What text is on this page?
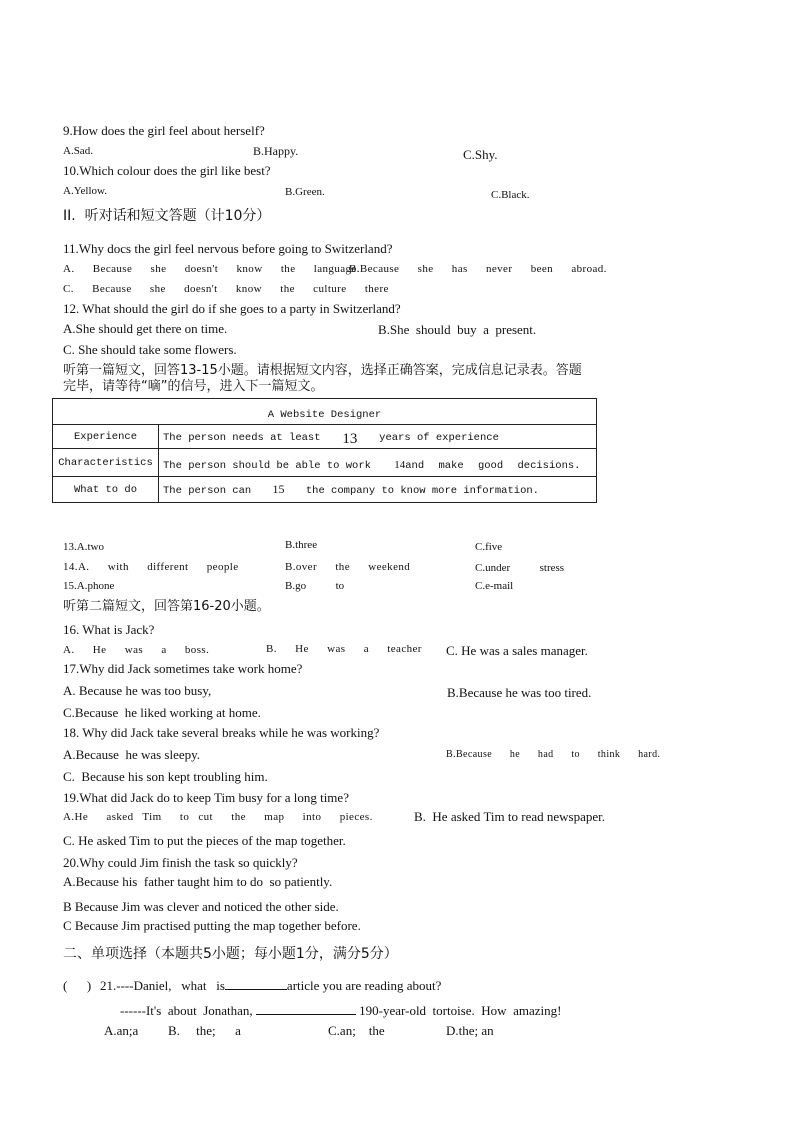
9.How does the girl feel about herself?
A.Sad.	B.Happy.	C.Shy.
10.Which colour does the girl like best?
A.Yellow.	B.Green.	C.Black.
II.  听对话和短文答题（计10分）
11.Why docs the girl feel nervous before going to Switzerland?
A.  Because  she  doesn't  know  the  language.
B.Because  she  has  never  been  abroad.
C.  Because  she  doesn't  know  the  culture  there
12. What should the girl do if she goes to a party in Switzerland?
A.She should get there on time.	B.She  should  buy  a  present.
C. She should take some flowers.
听第一篇短文，回答13-15小题。请根据短文内容，选择正确答案，完成信息记录表。答题
完毕，请等待“嘀”的信号，进入下一篇短文。
A Website Designer	
Experience	The person needs at least 13 years of experience
Characteristics	The person should be able to work 14and make good decisions.
What to do	The person can 15 the company to know more information.
13.A.two	B.three	C.five
14.A.  with  different  people	B.over  the  weekend	C.under  stress
15.A.phone	B.go  to	C.e-mail
听第二篇短文，回答第16-20小题。
16. What is Jack?
A.  He  was  a  boss.	B.  He  was  a  teacher C. He was a sales manager.
17.Why did Jack sometimes take work home?
A. Because he was too busy,	B.Because he was too tired.
C.Because  he liked working at home.
18. Why did Jack take several breaks while he was working?
A.Because  he was sleepy.	B.Because  he  had  to  think  hard.
C.  Because his son kept troubling him.
19.What did Jack do to keep Tim busy for a long time?
A.He  asked Tim  to cut  the  map  into  pieces.	B.  He asked Tim to read newspaper.
C. He asked Tim to put the pieces of the map together.
20.Why could Jim finish the task so quickly?
A.Because his  father taught him to do  so patiently.
B Because Jim was clever and noticed the other side.
C Because Jim practised putting the map together before.
二、单项选择（本题共5小题；每小题1分，满分5分）
(      ) 21.----Daniel,   what   is	article you are reading about?
------It's  about  Jonathan,	190-year-old  tortoise.  How  amazing!
A.an;a B.     the;      a	C.an;    the	D.the; an
